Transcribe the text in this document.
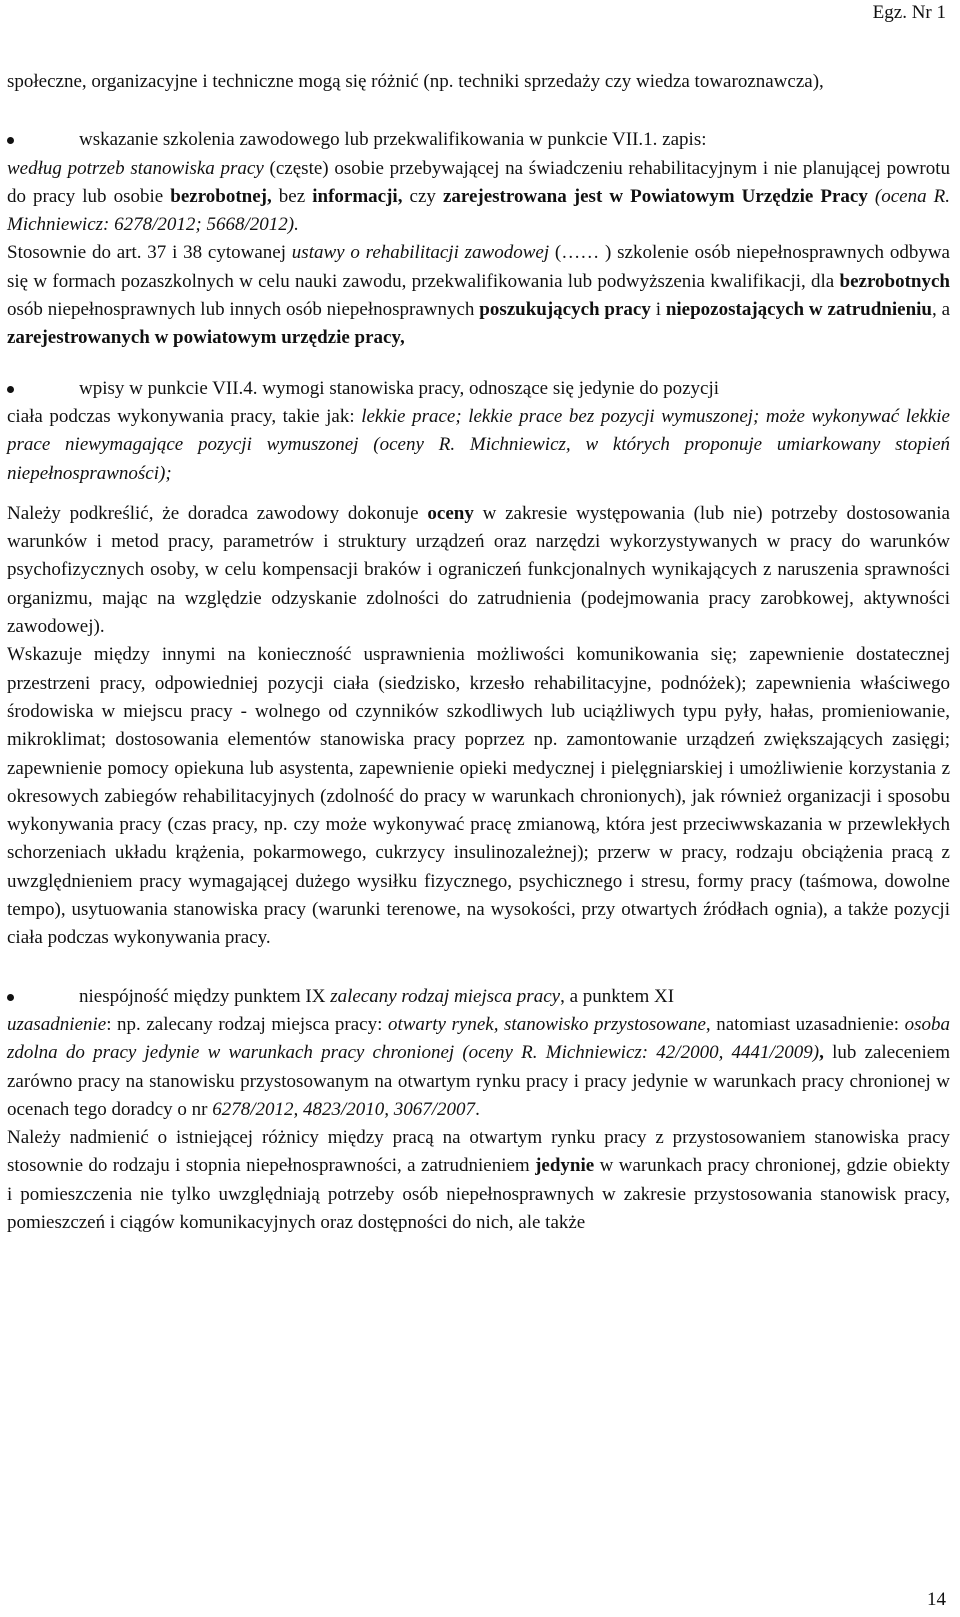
Egz. Nr 1

społeczne, organizacyjne i techniczne mogą się różnić (np. techniki sprzedaży czy wiedza towaroznawcza),

wskazanie szkolenia zawodowego lub przekwalifikowania w punkcie VII.1. zapis:

według potrzeb stanowiska pracy (częste) osobie przebywającej na świadczeniu rehabilitacyjnym i nie planującej powrotu do pracy lub osobie bezrobotnej, bez informacji, czy zarejestrowana jest w Powiatowym Urzędzie Pracy (ocena R. Michniewicz: 6278/2012; 5668/2012).

Stosownie do art. 37 i 38 cytowanej ustawy o rehabilitacji zawodowej (…… ) szkolenie osób niepełnosprawnych odbywa się w formach pozaszkolnych w celu nauki zawodu, przekwalifikowania lub podwyższenia kwalifikacji, dla bezrobotnych osób niepełnosprawnych lub innych osób niepełnosprawnych poszukujących pracy i niepozostających w zatrudnieniu, a zarejestrowanych w powiatowym urzędzie pracy,

wpisy w punkcie VII.4. wymogi stanowiska pracy, odnoszące się jedynie do pozycji

ciała podczas wykonywania pracy, takie jak: lekkie prace; lekkie prace bez pozycji wymuszonej; może wykonywać lekkie prace niewymagające pozycji wymuszonej (oceny R. Michniewicz, w których proponuje umiarkowany stopień niepełnosprawności);

Należy podkreślić, że doradca zawodowy dokonuje oceny w zakresie występowania (lub nie) potrzeby dostosowania warunków i metod pracy, parametrów i struktury urządzeń oraz narzędzi wykorzystywanych w pracy do warunków psychofizycznych osoby, w celu kompensacji braków i ograniczeń funkcjonalnych wynikających z naruszenia sprawności organizmu, mając na względzie odzyskanie zdolności do zatrudnienia (podejmowania pracy zarobkowej, aktywności zawodowej).

Wskazuje między innymi na konieczność usprawnienia możliwości komunikowania się; zapewnienie dostatecznej przestrzeni pracy, odpowiedniej pozycji ciała (siedzisko, krzesło rehabilitacyjne, podnóżek); zapewnienia właściwego środowiska w miejscu pracy - wolnego od czynników szkodliwych lub uciążliwych typu pyły, hałas, promieniowanie, mikroklimat; dostosowania elementów stanowiska pracy poprzez np. zamontowanie urządzeń zwiększających zasięgi; zapewnienie pomocy opiekuna lub asystenta, zapewnienie opieki medycznej i pielęgniarskiej i umożliwienie korzystania z okresowych zabiegów rehabilitacyjnych (zdolność do pracy w warunkach chronionych), jak również organizacji i sposobu wykonywania pracy (czas pracy, np. czy może wykonywać pracę zmianową, która jest przeciwwskazania w przewlekłych schorzeniach układu krążenia, pokarmowego, cukrzycy insulinozależnej); przerw w pracy, rodzaju obciążenia pracą z uwzględnieniem pracy wymagającej dużego wysiłku fizycznego, psychicznego i stresu, formy pracy (taśmowa, dowolne tempo), usytuowania stanowiska pracy (warunki terenowe, na wysokości, przy otwartych źródłach ognia), a także pozycji ciała podczas wykonywania pracy.

niespójność między punktem IX zalecany rodzaj miejsca pracy, a punktem XI

uzasadnienie: np. zalecany rodzaj miejsca pracy: otwarty rynek, stanowisko przystosowane, natomiast uzasadnienie: osoba zdolna do pracy jedynie w warunkach pracy chronionej (oceny R. Michniewicz: 42/2000, 4441/2009), lub zaleceniem zarówno pracy na stanowisku przystosowanym na otwartym rynku pracy i pracy jedynie w warunkach pracy chronionej w ocenach tego doradcy o nr 6278/2012, 4823/2010, 3067/2007.

Należy nadmienić o istniejącej różnicy między pracą na otwartym rynku pracy z przystosowaniem stanowiska pracy stosownie do rodzaju i stopnia niepełnosprawności, a zatrudnieniem jedynie w warunkach pracy chronionej, gdzie obiekty i pomieszczenia nie tylko uwzględniają potrzeby osób niepełnosprawnych w zakresie przystosowania stanowisk pracy, pomieszczeń i ciągów komunikacyjnych oraz dostępności do nich, ale także

14
